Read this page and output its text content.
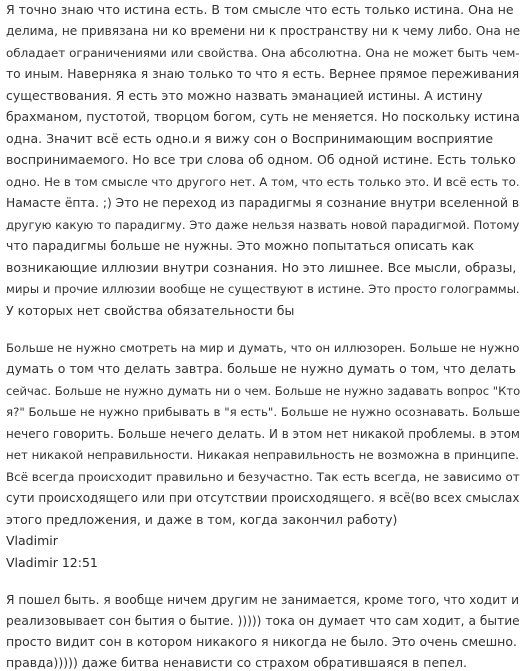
Я точно знаю что истина есть. В том смысле что есть только истина. Она не
делима, не привязана ни ко времени ни к пространству ни к чему либо. Она не
обладает ограничениями или свойства. Она абсолютна. Она не может быть чем-
то иным. Наверняка я знаю только то что я есть. Вернее прямое переживания
существования. Я есть это можно назвать эманацией истины. А истину
брахманом, пустотой, творцом богом, суть не меняется. Но поскольку истина
одна. Значит всё есть одно.и я вижу сон о Воспринимающим восприятие
воспринимаемого. Но все три слова об одном. Об одной истине. Есть только
одно. Не в том смысле что другого нет. А том, что есть только это. И всё есть то.
Намасте ёпта. ;) Это не переход из парадигмы я сознание внутри вселенной в
другую какую то парадигму. Это даже нельзя назвать новой парадигмой. Потому
что парадигмы больше не нужны. Это можно попытаться описать как
возникающие иллюзии внутри сознания. Но это лишнее. Все мысли, образы,
миры и прочие иллюзии вообще не существуют в истине. Это просто голограммы.
У которых нет свойства обязательности бы
Больше не нужно смотреть на мир и думать, что он иллюзорен. Больше не нужно
думать о том что делать завтра. больше не нужно думать о том, что делать
сейчас. Больше не нужно думать ни о чем. Больше не нужно задавать вопрос "Кто
я?" Больше не нужно прибывать в "я есть". Больше не нужно осознавать. Больше
нечего говорить. Больше нечего делать. И в этом нет никакой проблемы. в этом
нет никакой неправильности. Никакая неправильность не возможна в принципе.
Всё всегда происходит правильно и безучастно. Так есть всегда, не зависимо от
сути происходящего или при отсутствии происходящего. я всё(во всех смыслах
этого предложения, и даже в том, когда закончил работу)
Vladimir
Vladimir 12:51
Я пошел быть. я вообще ничем другим не занимается, кроме того, что ходит и
реализовывает сон бытия о бытие. ))))) тока он думает что сам ходит, а бытие
просто видит сон в котором никакого я никогда не было. Это очень смешно.
правда))))) даже битва ненависти со страхом обратившаяся в пепел.
